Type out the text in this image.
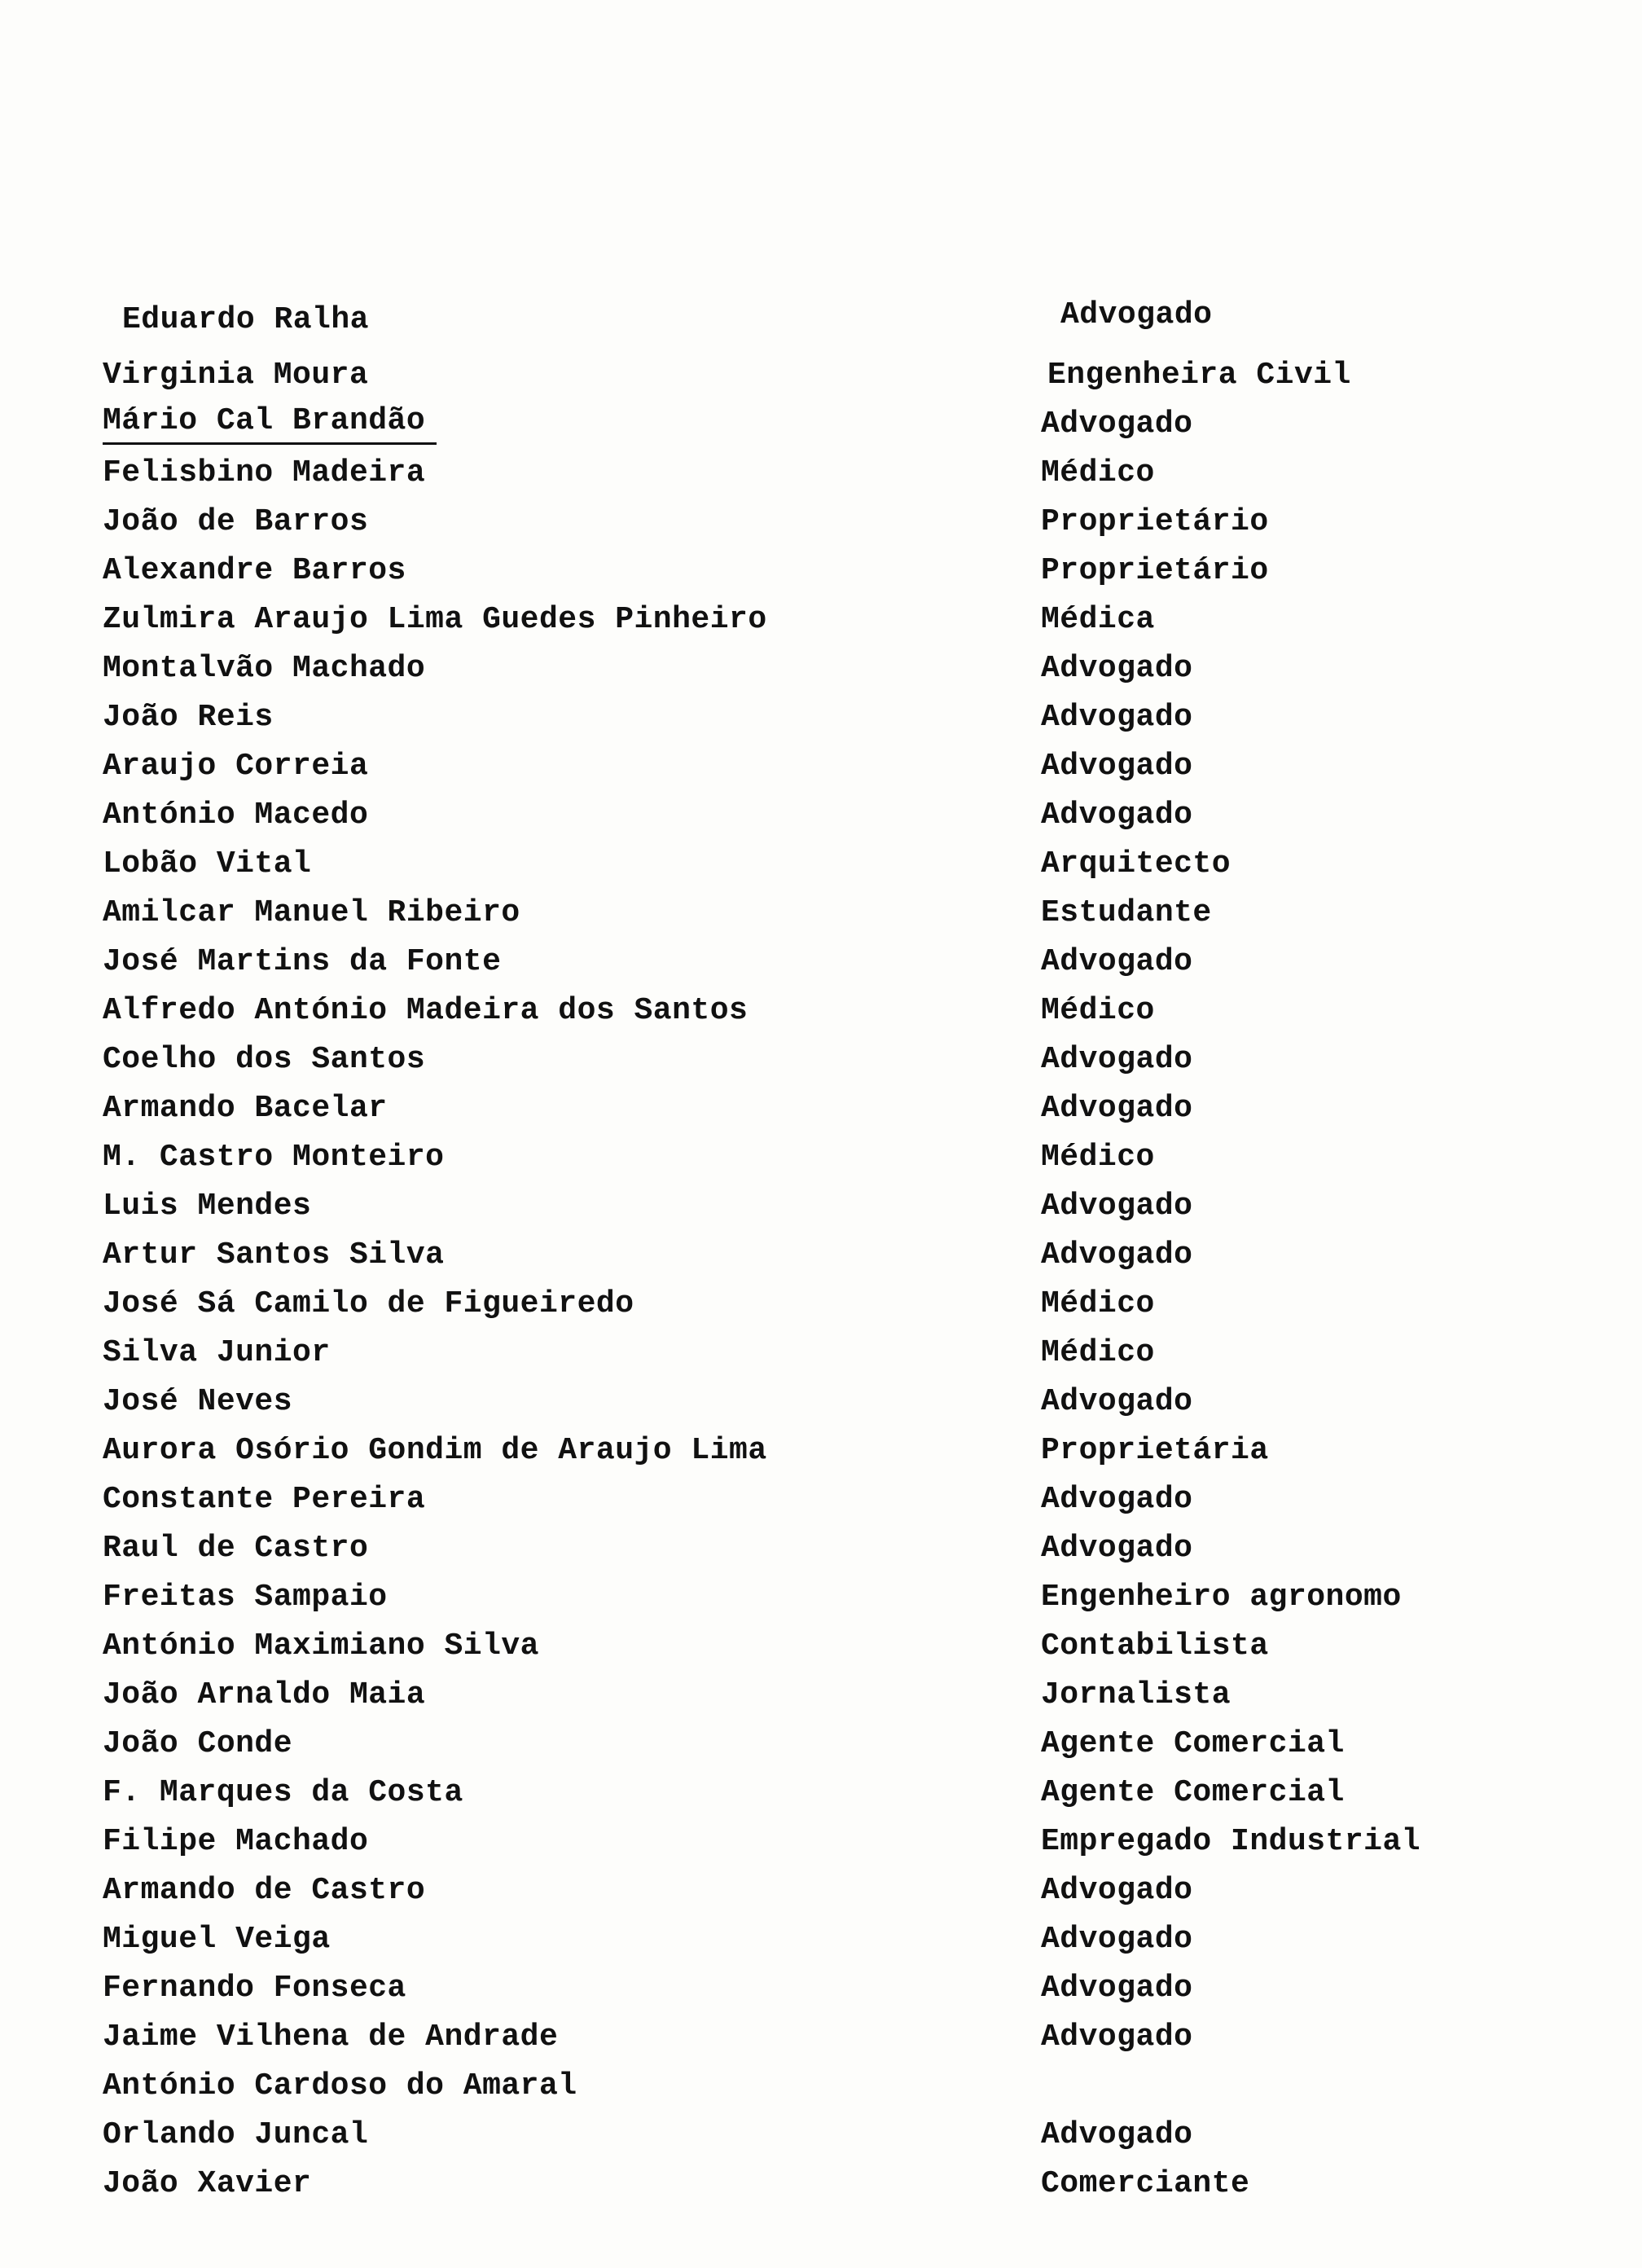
Eduardo Ralha	Advogado
Virginia Moura	Engenheira Civil
Mário Cal Brandão	Advogado
Felisbino Madeira	Médico
João de Barros	Proprietário
Alexandre Barros	Proprietário
Zulmira Araujo Lima Guedes Pinheiro	Médica
Montalvão Machado	Advogado
João Reis	Advogado
Araujo Correia	Advogado
António Macedo	Advogado
Lobão Vital	Arquitecto
Amilcar Manuel Ribeiro	Estudante
José Martins da Fonte	Advogado
Alfredo António Madeira dos Santos	Médico
Coelho dos Santos	Advogado
Armando Bacelar	Advogado
M. Castro Monteiro	Médico
Luis Mendes	Advogado
Artur Santos Silva	Advogado
José Sá Camilo de Figueiredo	Médico
Silva Junior	Médico
José Neves	Advogado
Aurora Osório Gondim de Araujo Lima	Proprietária
Constante Pereira	Advogado
Raul de Castro	Advogado
Freitas Sampaio	Engenheiro agronomo
António Maximiano Silva	Contabilista
João Arnaldo Maia	Jornalista
João Conde	Agente Comercial
F. Marques da Costa	Agente Comercial
Filipe Machado	Empregado Industrial
Armando de Castro	Advogado
Miguel Veiga	Advogado
Fernando Fonseca	Advogado
Jaime Vilhena de Andrade	Advogado
António Cardoso do Amaral
Orlando Juncal	Advogado
João Xavier	Comerciante
